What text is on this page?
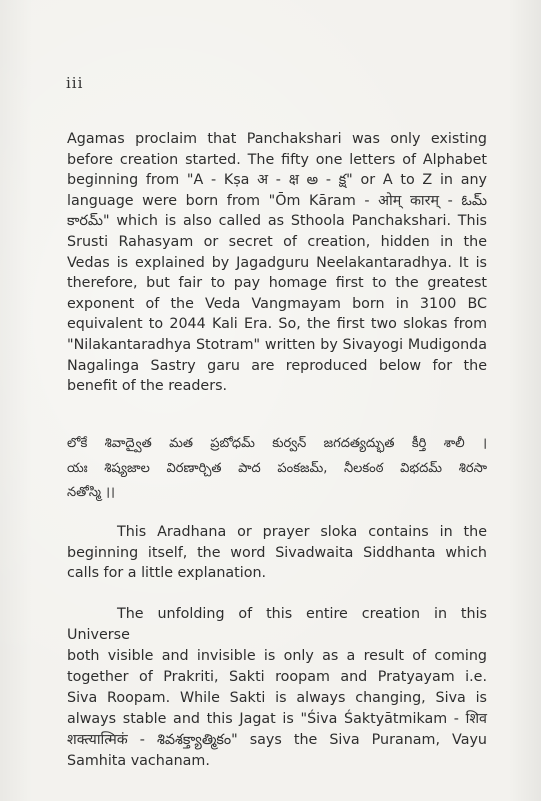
iii
Agamas proclaim that Panchakshari was only existing
before creation started. The fifty one letters of Alphabet
beginning from "A - Kṣa अ - क्ष అ - క్ష" or A to Z in any
language were born from "Ōm Kāram - ओम् कारम् - ఓమ్
కారమ్" which is also called as Sthoola Panchakshari. This
Srusti Rahasyam or secret of creation, hidden in the
Vedas is explained by Jagadguru Neelakantaradhya. It is
therefore, but fair to pay homage first to the greatest
exponent of the Veda Vangmayam born in 3100 BC
equivalent to 2044 Kali Era. So, the first two slokas from
"Nilakantaradhya Stotram" written by Sivayogi Mudigonda
Nagalinga Sastry garu are reproduced below for the
benefit of the readers.
లోకే శివాద్వైత మత ప్రబోధమ్ కుర్వన్ జగదత్యద్భుత కీర్తి శాలీ ।
యః శిష్యజాల విరణార్చిత పాద పంకజమ్, నీలకంఠ విభదమ్ శిరసా
నతోస్మి ।।
This Aradhana or prayer sloka contains in the
beginning itself, the word Sivadwaita Siddhanta which
calls for a little explanation.
The unfolding of this entire creation in this Universe
both visible and invisible is only as a result of coming
together of Prakriti, Sakti roopam and Pratyayam i.e.
Siva Roopam. While Sakti is always changing, Siva is
always stable and this Jagat is "Śiva Śaktyātmikam - शिव
शक्त्यात्मिकं - శివశక్త్యాత్మికం" says the Siva Puranam, Vayu
Samhita vachanam.
